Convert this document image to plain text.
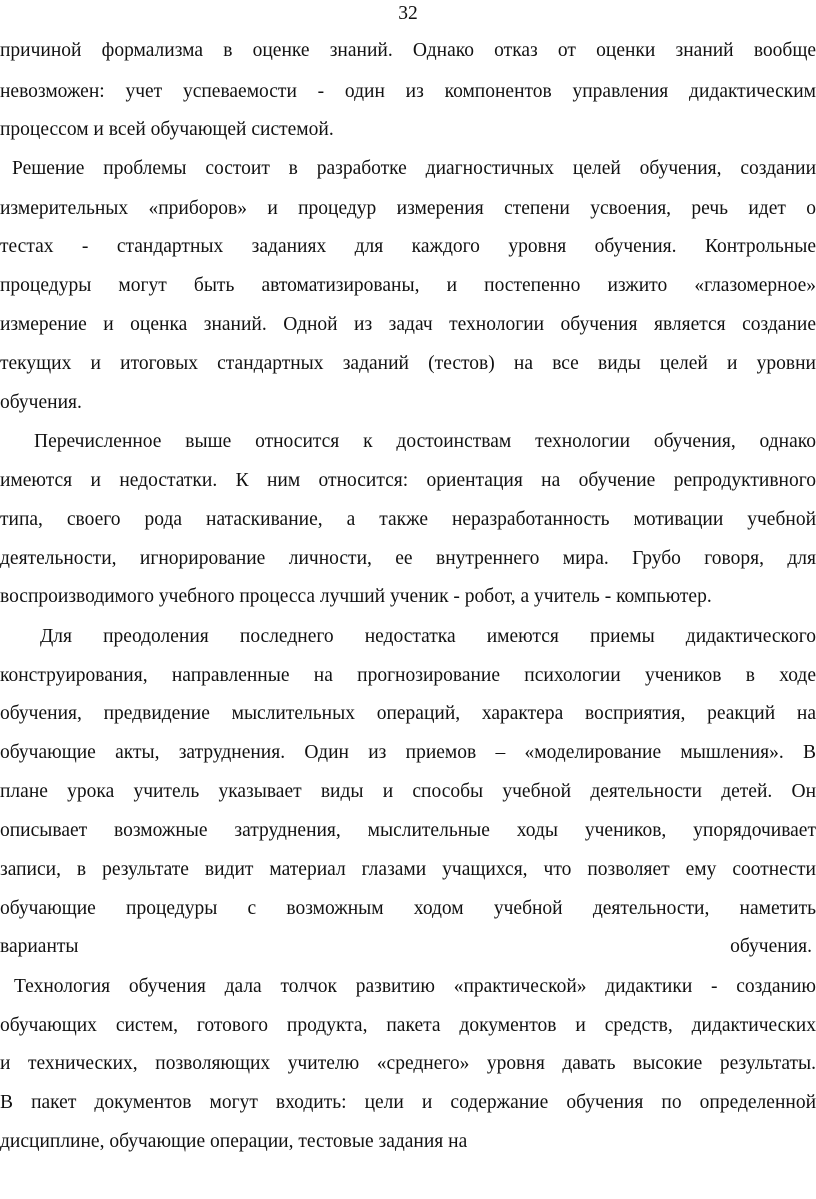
32

причиной формализма в оценке знаний. Однако отказ от оценки знаний вообще

невозможен: учет успеваемости - один из компонентов управления дидактическим

процессом и всей обучающей системой.

Решение проблемы состоит в разработке диагностичных целей обучения, создании

измерительных «приборов» и процедур измерения степени усвоения, речь идет о

тестах - стандартных заданиях для каждого уровня обучения. Контрольные

процедуры могут быть автоматизированы, и постепенно изжито «глазомерное»

измерение и оценка знаний. Одной из задач технологии обучения является создание

текущих и итоговых стандартных заданий (тестов) на все виды целей и уровни

обучения.

Перечисленное выше относится к достоинствам технологии обучения, однако

имеются и недостатки. К ним относится: ориентация на обучение репродуктивного

типа, своего рода натаскивание, а также неразработанность мотивации учебной

деятельности, игнорирование личности, ее внутреннего мира. Грубо говоря, для

воспроизводимого учебного процесса лучший ученик - робот, а учитель - компьютер.

Для преодоления последнего недостатка имеются приемы дидактического

конструирования, направленные на прогнозирование психологии учеников в ходе

обучения, предвидение мыслительных операций, характера восприятия, реакций на

обучающие акты, затруднения. Один из приемов – «моделирование мышления». В

плане урока учитель указывает виды и способы учебной деятельности детей. Он

описывает возможные затруднения, мыслительные ходы учеников, упорядочивает

записи, в результате видит материал глазами учащихся, что позволяет ему соотнести

обучающие процедуры с возможным ходом учебной деятельности, наметить

варианты обучения.

Технология обучения дала толчок развитию «практической» дидактики - созданию

обучающих систем, готового продукта, пакета документов и средств, дидактических

и технических, позволяющих учителю «среднего» уровня давать высокие результаты.

В пакет документов могут входить: цели и содержание обучения по определенной

дисциплине, обучающие операции, тестовые задания на
